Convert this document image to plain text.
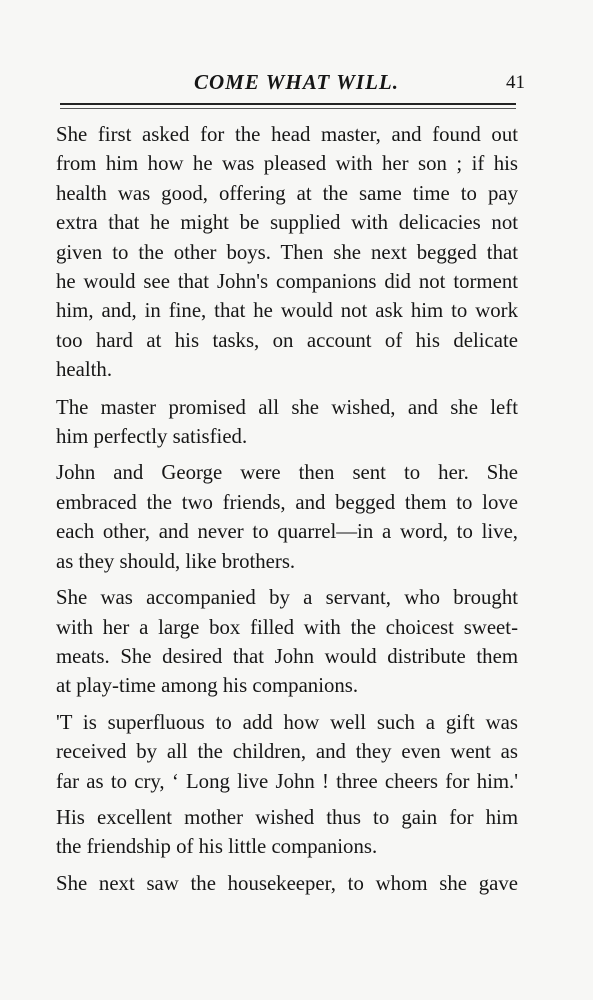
COME WHAT WILL.	41

She first asked for the head master, and found out
from him how he was pleased with her son ; if his
health was good, offering at the same time to pay
extra that he might be supplied with delicacies not
given to the other boys. Then she next begged that
he would see that John's companions did not torment
him, and, in fine, that he would not ask him to work
too hard at his tasks, on account of his delicate
health.

The master promised all she wished, and she left
him perfectly satisfied.

John and George were then sent to her. She
embraced the two friends, and begged them to love
each other, and never to quarrel—in a word, to live,
as they should, like brothers.

She was accompanied by a servant, who brought
with her a large box filled with the choicest sweet-
meats. She desired that John would distribute them
at play-time among his companions.

'T is superfluous to add how well such a gift was
received by all the children, and they even went as
far as to cry, ‘ Long live John ! three cheers for him.'

His excellent mother wished thus to gain for him
the friendship of his little companions.

She next saw the housekeeper, to whom she gave
